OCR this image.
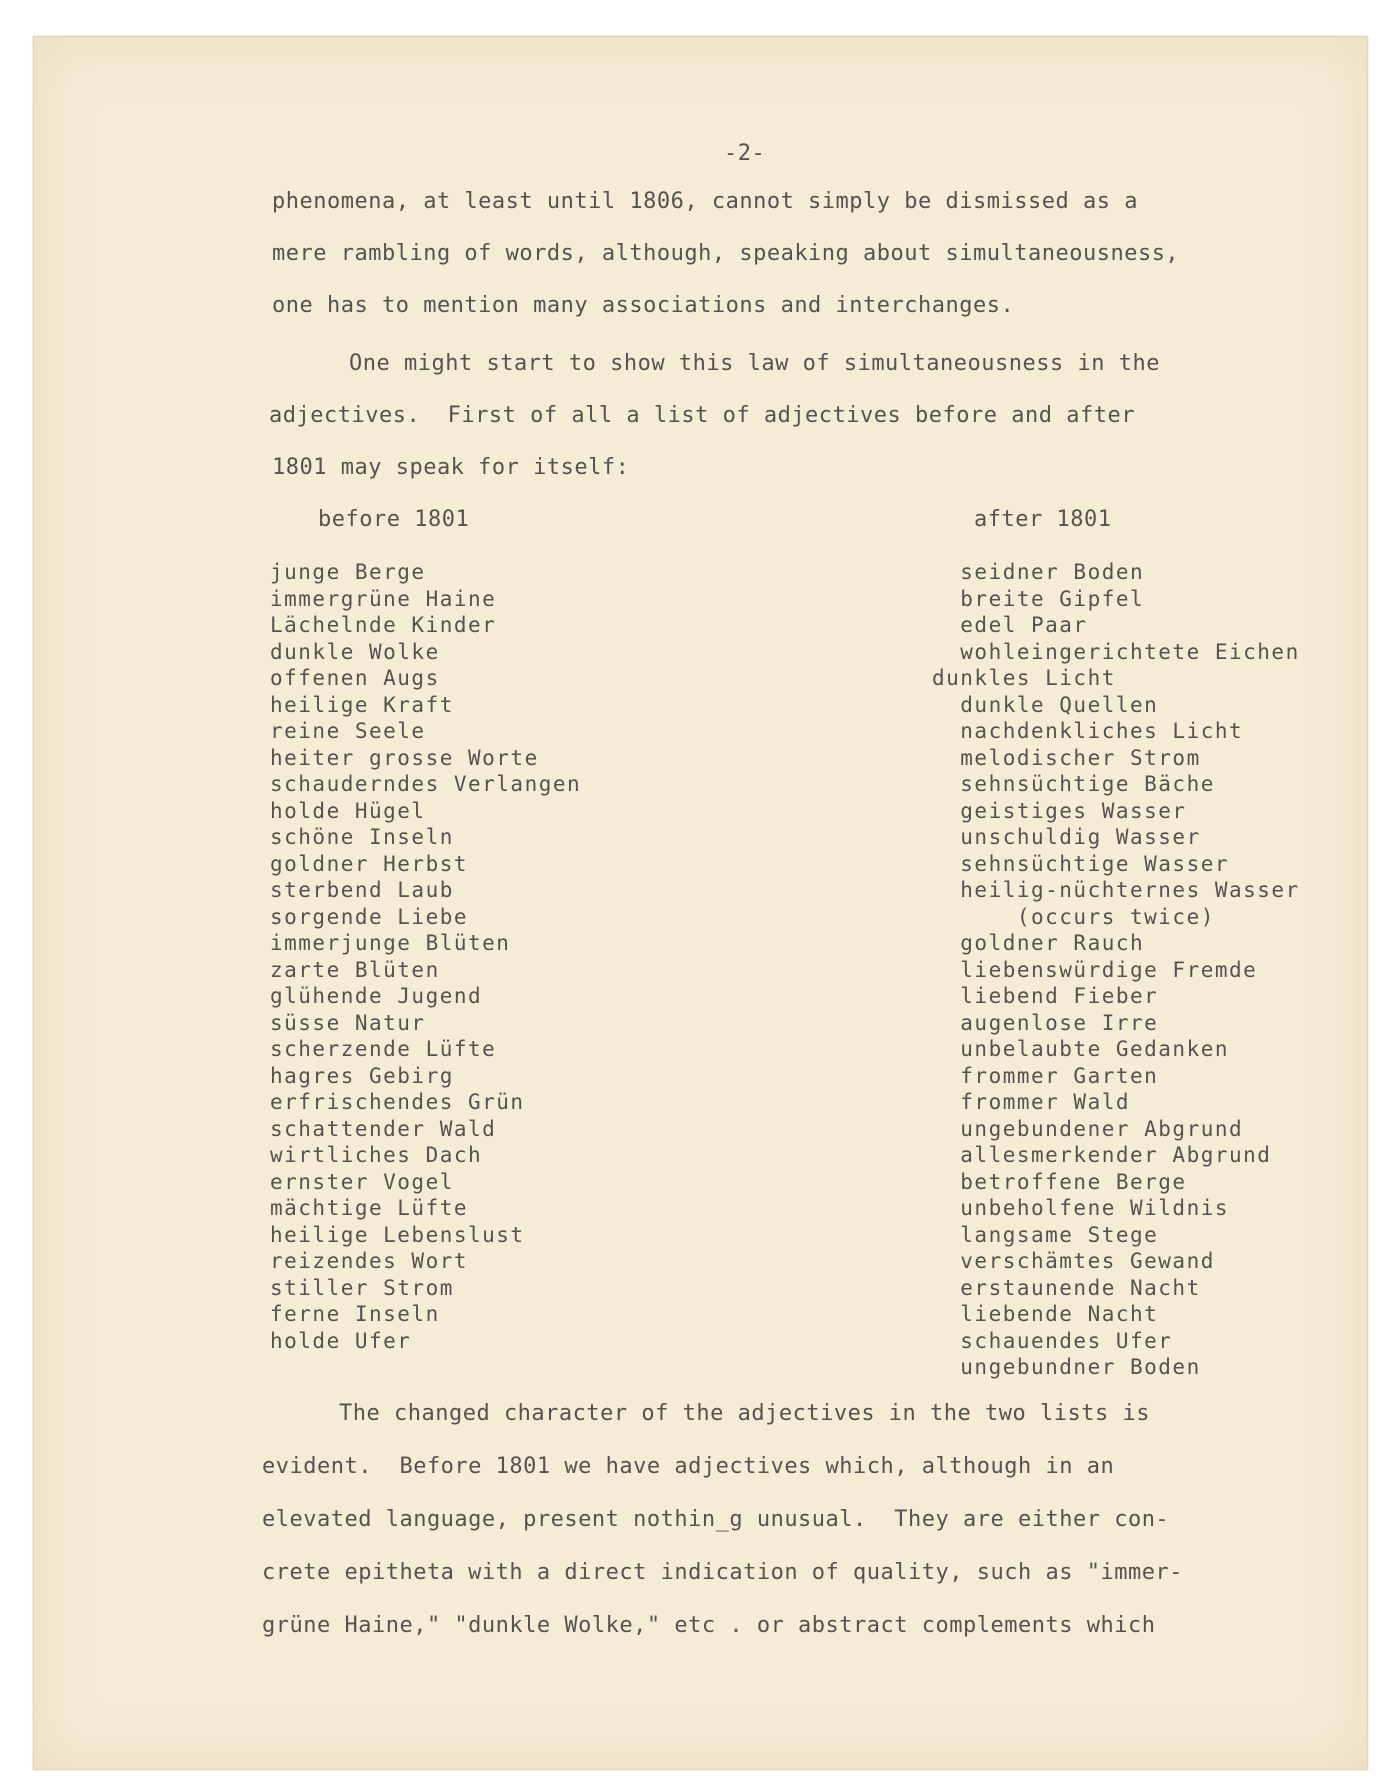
-2-
phenomena, at least until 1806, cannot simply be dismissed as a
mere rambling of words, although, speaking about simultaneousness,
one has to mention many associations and interchanges.
One might start to show this law of simultaneousness in the
adjectives.  First of all a list of adjectives before and after
1801 may speak for itself:
before 1801	after 1801
junge Berge
immergrüne Haine
Lächelnde Kinder
dunkle Wolke
offenen Augs
heilige Kraft
reine Seele
heiter grosse Worte
schauderndes Verlangen
holde Hügel
schöne Inseln
goldner Herbst
sterbend Laub
sorgende Liebe
immerjunge Blüten
zarte Blüten
glühende Jugend
süsse Natur
scherzende Lüfte
hagres Gebirg
erfrischendes Grün
schattender Wald
wirtliches Dach
ernster Vogel
mächtige Lüfte
heilige Lebenslust
reizendes Wort
stiller Strom
ferne Inseln
holde Ufer
seidner Boden
breite Gipfel
edel Paar
wohleingerichtete Eichen
dunkles Licht
dunkle Quellen
nachdenkliches Licht
melodischer Strom
sehnsüchtige Bäche
geistiges Wasser
unschuldig Wasser
sehnsüchtige Wasser
heilig-nüchternes Wasser
(occurs twice)
goldner Rauch
liebenswürdige Fremde
liebend Fieber
augenlose Irre
unbelaubte Gedanken
frommer Garten
frommer Wald
ungebundener Abgrund
allesmerkender Abgrund
betroffene Berge
unbeholfene Wildnis
langsame Stege
verschämtes Gewand
erstaunende Nacht
liebende Nacht
schauendes Ufer
ungebundner Boden
The changed character of the adjectives in the two lists is
evident.  Before 1801 we have adjectives which, although in an
elevated language, present nothin_g unusual.  They are either con-
crete epitheta with a direct indication of quality, such as "immer-
grüne Haine," "dunkle Wolke," etc . or abstract complements which
